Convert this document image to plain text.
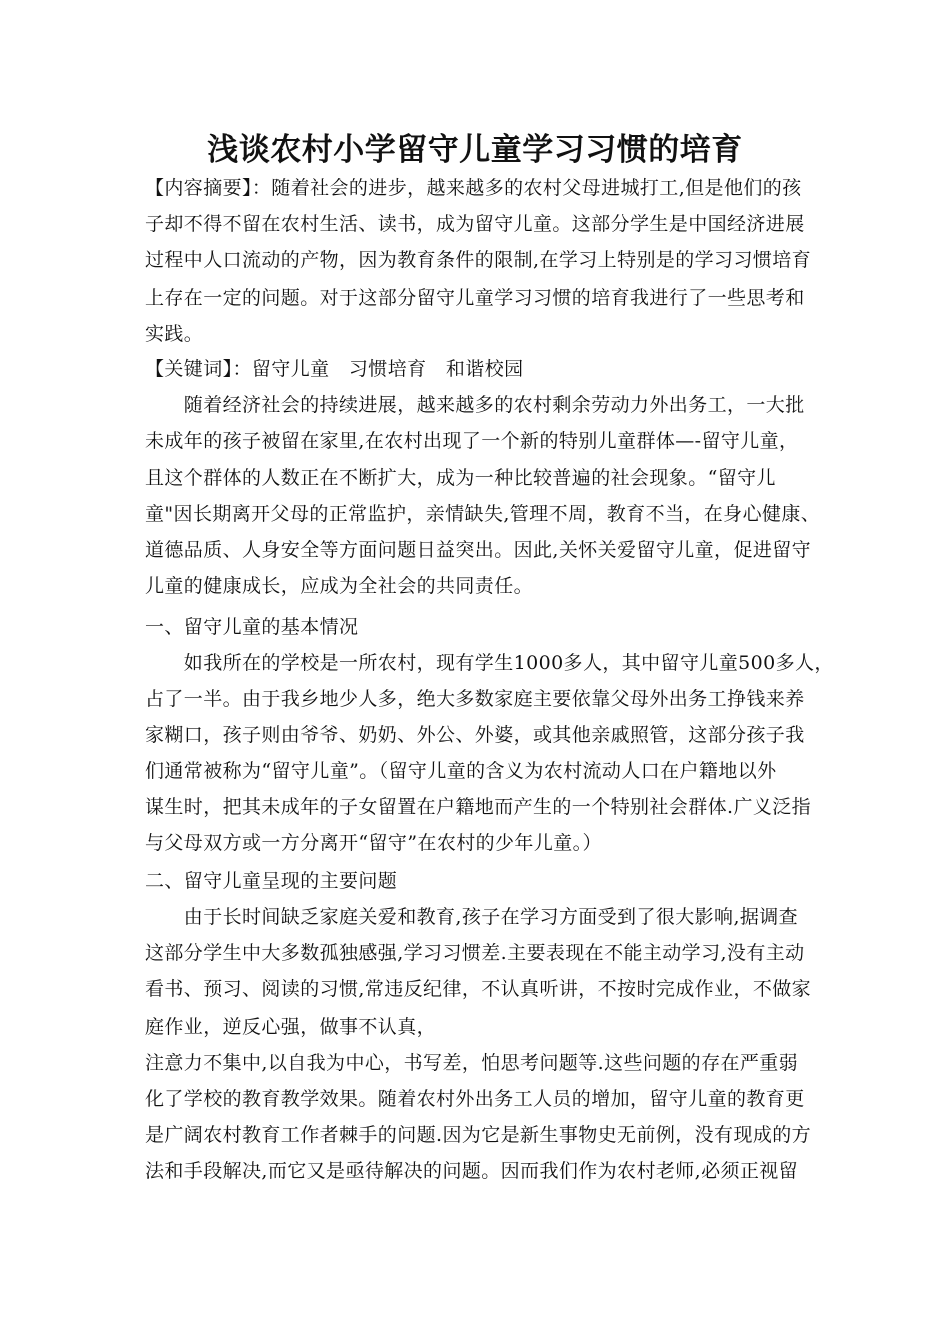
浅谈农村小学留守儿童学习习惯的培育
【内容摘要】：随着社会的进步，越来越多的农村父母进城打工,但是他们的孩
子却不得不留在农村生活、读书，成为留守儿童。这部分学生是中国经济进展
过程中人口流动的产物，因为教育条件的限制,在学习上特别是的学习习惯培育
上存在一定的问题。对于这部分留守儿童学习习惯的培育我进行了一些思考和
实践。
【关键词】：留守儿童　习惯培育　和谐校园
　　随着经济社会的持续进展，越来越多的农村剩余劳动力外出务工，一大批
未成年的孩子被留在家里,在农村出现了一个新的特别儿童群体—-留守儿童，
且这个群体的人数正在不断扩大，成为一种比较普遍的社会现象。“留守儿
童"因长期离开父母的正常监护，亲情缺失,管理不周，教育不当，在身心健康、
道德品质、人身安全等方面问题日益突出。因此,关怀关爱留守儿童，促进留守
儿童的健康成长，应成为全社会的共同责任。
一、留守儿童的基本情况
　　如我所在的学校是一所农村，现有学生1000多人，其中留守儿童500多人，
占了一半。由于我乡地少人多，绝大多数家庭主要依靠父母外出务工挣钱来养
家糊口，孩子则由爷爷、奶奶、外公、外婆，或其他亲戚照管，这部分孩子我
们通常被称为“留守儿童”。（留守儿童的含义为农村流动人口在户籍地以外
谋生时，把其未成年的子女留置在户籍地而产生的一个特别社会群体.广义泛指
与父母双方或一方分离开“留守”在农村的少年儿童。）
二、留守儿童呈现的主要问题
　　由于长时间缺乏家庭关爱和教育,孩子在学习方面受到了很大影响,据调查
这部分学生中大多数孤独感强,学习习惯差.主要表现在不能主动学习,没有主动
看书、预习、阅读的习惯,常违反纪律，不认真听讲，不按时完成作业，不做家
庭作业，逆反心强，做事不认真，
注意力不集中,以自我为中心，书写差，怕思考问题等.这些问题的存在严重弱
化了学校的教育教学效果。随着农村外出务工人员的增加，留守儿童的教育更
是广阔农村教育工作者棘手的问题.因为它是新生事物史无前例，没有现成的方
法和手段解决,而它又是亟待解决的问题。因而我们作为农村老师,必须正视留
